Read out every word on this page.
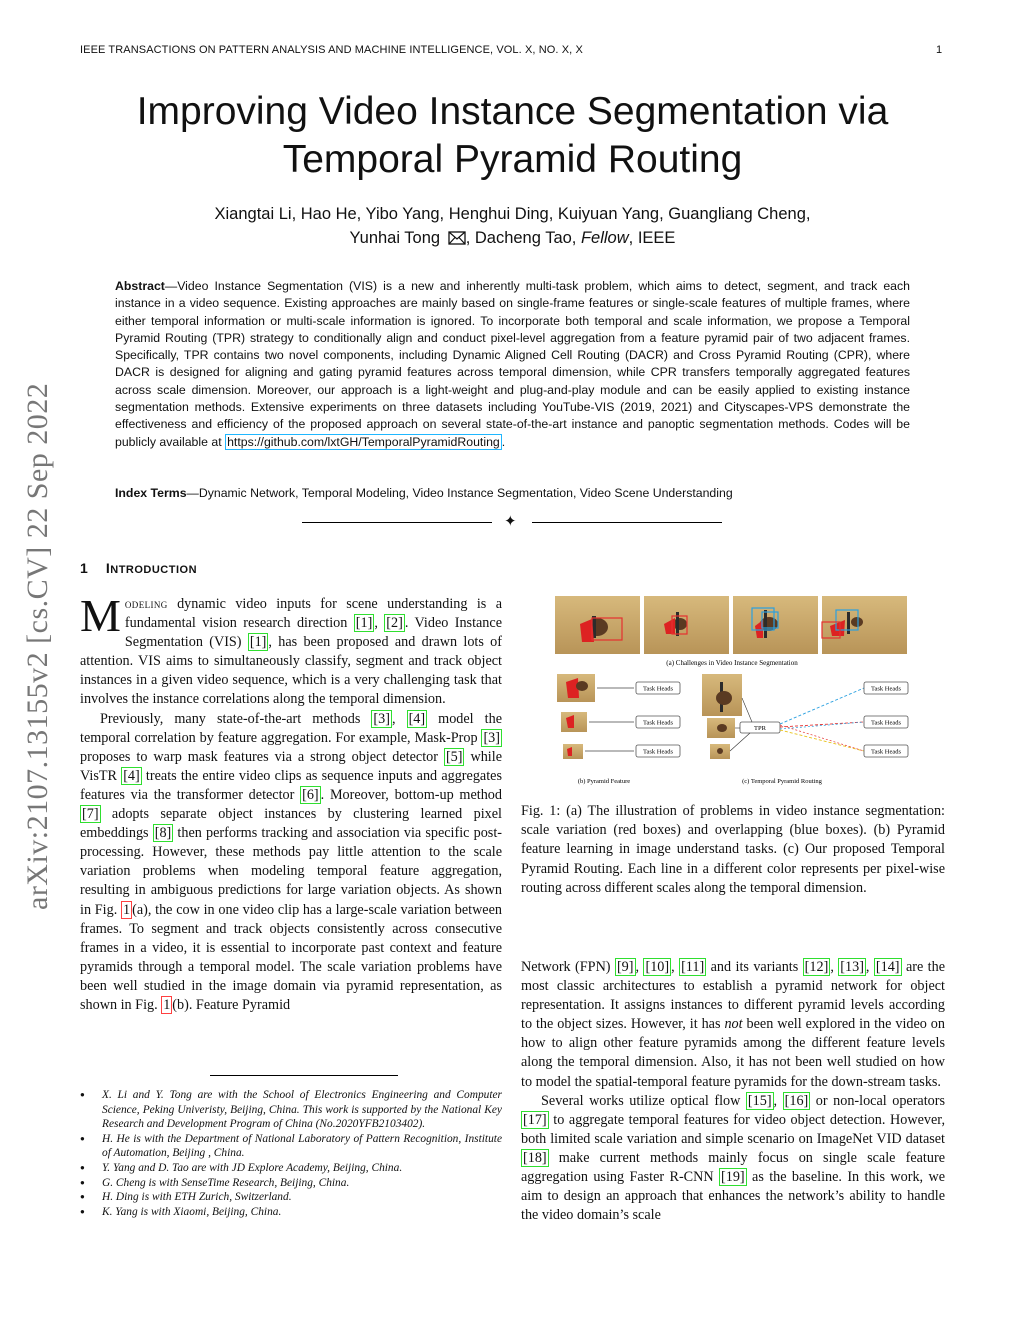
IEEE TRANSACTIONS ON PATTERN ANALYSIS AND MACHINE INTELLIGENCE, VOL. X, NO. X, X	1
Improving Video Instance Segmentation via
Temporal Pyramid Routing
Xiangtai Li, Hao He, Yibo Yang, Henghui Ding, Kuiyuan Yang, Guangliang Cheng,
Yunhai Tong , Dacheng Tao, Fellow, IEEE
Abstract—Video Instance Segmentation (VIS) is a new and inherently multi-task problem, which aims to detect, segment, and track each instance in a video sequence. Existing approaches are mainly based on single-frame features or single-scale features of multiple frames, where either temporal information or multi-scale information is ignored. To incorporate both temporal and scale information, we propose a Temporal Pyramid Routing (TPR) strategy to conditionally align and conduct pixel-level aggregation from a feature pyramid pair of two adjacent frames. Specifically, TPR contains two novel components, including Dynamic Aligned Cell Routing (DACR) and Cross Pyramid Routing (CPR), where DACR is designed for aligning and gating pyramid features across temporal dimension, while CPR transfers temporally aggregated features across scale dimension. Moreover, our approach is a light-weight and plug-and-play module and can be easily applied to existing instance segmentation methods. Extensive experiments on three datasets including YouTube-VIS (2019, 2021) and Cityscapes-VPS demonstrate the effectiveness and efficiency of the proposed approach on several state-of-the-art instance and panoptic segmentation methods. Codes will be publicly available at https://github.com/lxtGH/TemporalPyramidRouting .
Index Terms—Dynamic Network, Temporal Modeling, Video Instance Segmentation, Video Scene Understanding
✦
1 INTRODUCTION
arXiv:2107.13155v2 [cs.CV] 22 Sep 2022 Modeling dynamic video inputs for scene understanding is a fundamental vision research direction [1] , [2] . Video Instance Segmentation (VIS) [1] , has been proposed and drawn lots of attention. VIS aims to simultaneously classify, segment and track object instances in a given video sequence, which is a very challenging task that involves the instance correlations along the temporal dimension.

Previously, many state-of-the-art methods [3] , [4] model the temporal correlation by feature aggregation. For example, Mask-Prop [3] proposes to warp mask features via a strong object detector [5] while VisTR [4] treats the entire video clips as sequence inputs and aggregates features via the transformer detector [6] . Moreover, bottom-up method [7] adopts separate object instances by clustering learned pixel embeddings [8] then performs tracking and association via specific post-processing. However, these methods pay little attention to the scale variation problems when modeling temporal feature aggregation, resulting in ambiguous predictions for large variation objects. As shown in Fig. 1 (a), the cow in one video clip has a large-scale variation between frames. To segment and track objects consistently across consecutive frames in a video, it is essential to incorporate past context and feature pyramids through a temporal model. The scale variation problems have been well studied in the image domain via pyramid representation, as shown in Fig. 1 (b). Feature Pyramid

● X. Li and Y. Tong are with the School of Electronics Engineering and Computer Science, Peking Univeristy, Beijing, China. This work is supported by the National Key Research and Development Program of China (No.2020YFB2103402).
● H. He is with the Department of National Laboratory of Pattern Recognition, Institute of Automation, Beijing , China.
● Y. Yang and D. Tao are with JD Explore Academy, Beijing, China.
● G. Cheng is with SenseTime Research, Beijing, China.
● H. Ding is with ETH Zurich, Switzerland.
● K. Yang is with Xiaomi, Beijing, China.
(a) Challenges in Video Instance Segmentation
Task Heads
Task Heads
Task Heads
TPR
Task Heads
Task Heads
Task Heads
(b) Pyramid Feature	(c) Temporal Pyramid Routing
Fig. 1: (a) The illustration of problems in video instance segmentation: scale variation (red boxes) and overlapping (blue boxes). (b) Pyramid feature learning in image understand tasks. (c) Our proposed Temporal Pyramid Routing. Each line in a different color represents per pixel-wise routing across different scales along the temporal dimension.

Network (FPN) [9] , [10] , [11] and its variants [12] , [13] , [14] are the most classic architectures to establish a pyramid network for object representation. It assigns instances to different pyramid levels according to the object sizes. However, it has not been well explored in the video on how to align other feature pyramids among the different feature levels along the temporal dimension. Also, it has not been well studied on how to model the spatial-temporal feature pyramids for the down-stream tasks.

Several works utilize optical flow [15] , [16] or non-local operators [17] to aggregate temporal features for video object detection. However, both limited scale variation and simple scenario on ImageNet VID dataset [18] make current methods mainly focus on single scale feature aggregation using Faster R-CNN [19] as the baseline. In this work, we aim to design an approach that enhances the network’s ability to handle the video domain’s scale
